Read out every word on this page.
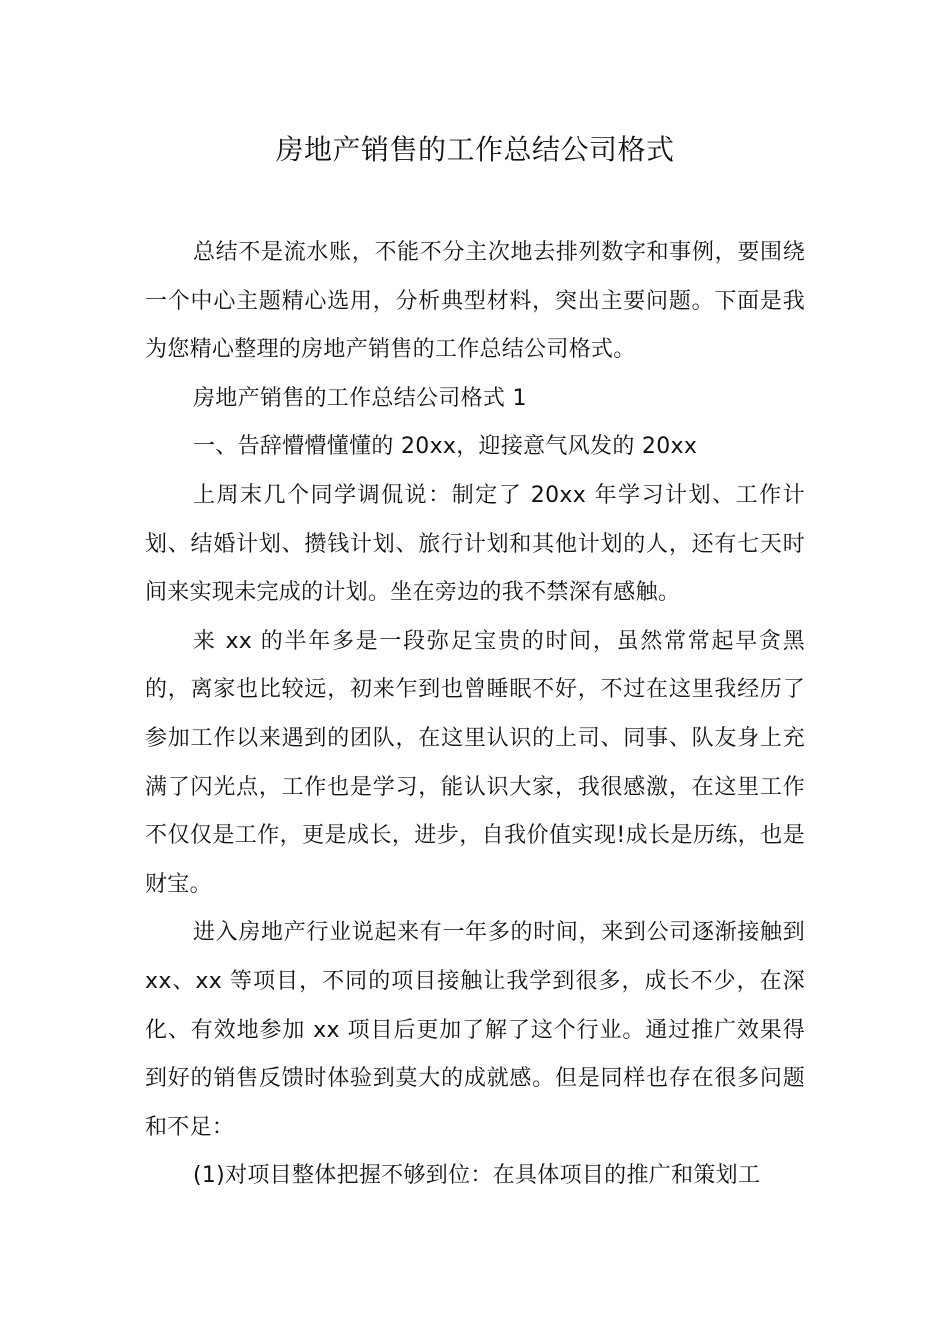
房地产销售的工作总结公司格式

总结不是流水账，不能不分主次地去排列数字和事例，要围绕一个中心主题精心选用，分析典型材料，突出主要问题。下面是我为您精心整理的房地产销售的工作总结公司格式。

房地产销售的工作总结公司格式 1

一、告辞懵懵懂懂的 20xx，迎接意气风发的 20xx

上周末几个同学调侃说：制定了 20xx 年学习计划、工作计划、结婚计划、攒钱计划、旅行计划和其他计划的人，还有七天时间来实现未完成的计划。坐在旁边的我不禁深有感触。

来 xx 的半年多是一段弥足宝贵的时间，虽然常常起早贪黑的，离家也比较远，初来乍到也曾睡眠不好，不过在这里我经历了参加工作以来遇到的团队，在这里认识的上司、同事、队友身上充满了闪光点，工作也是学习，能认识大家，我很感激，在这里工作不仅仅是工作，更是成长，进步，自我价值实现!成长是历练，也是财宝。

进入房地产行业说起来有一年多的时间，来到公司逐渐接触到 xx、xx 等项目，不同的项目接触让我学到很多，成长不少，在深化、有效地参加 xx 项目后更加了解了这个行业。通过推广效果得到好的销售反馈时体验到莫大的成就感。但是同样也存在很多问题和不足：

(1)对项目整体把握不够到位：在具体项目的推广和策划工
